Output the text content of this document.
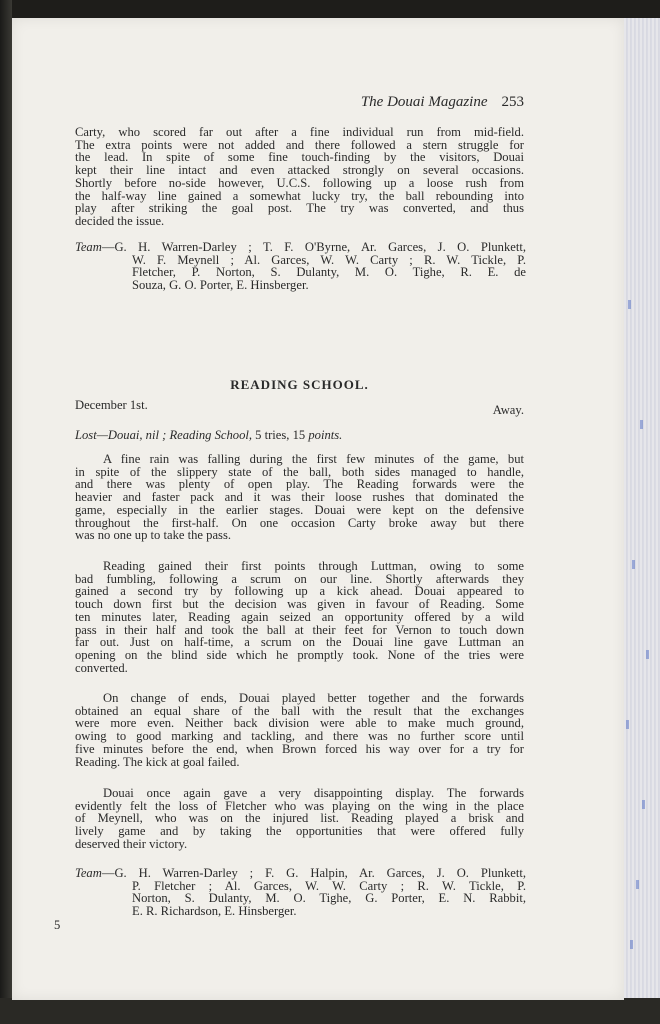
The Douai Magazine 253
Carty, who scored far out after a fine individual run from mid-field.
The extra points were not added and there followed a stern struggle for
the lead. In spite of some fine touch-finding by the visitors, Douai
kept their line intact and even attacked strongly on several occasions.
Shortly before no-side however, U.C.S. following up a loose rush from
the half-way line gained a somewhat lucky try, the ball rebounding into
play after striking the goal post. The try was converted, and thus
decided the issue.
Team—G. H. Warren-Darley ; T. F. O'Byrne, Ar. Garces, J. O. Plunkett,
W. F. Meynell ; Al. Garces, W. W. Carty ; R. W. Tickle, P.
Fletcher, P. Norton, S. Dulanty, M. O. Tighe, R. E. de
Souza, G. O. Porter, E. Hinsberger.
READING SCHOOL.
December 1st.	Away.
Lost—Douai, nil ; Reading School, 5 tries, 15 points.
A fine rain was falling during the first few minutes of the game, but
in spite of the slippery state of the ball, both sides managed to handle,
and there was plenty of open play. The Reading forwards were the
heavier and faster pack and it was their loose rushes that dominated the
game, especially in the earlier stages. Douai were kept on the defensive
throughout the first-half. On one occasion Carty broke away but there
was no one up to take the pass.
Reading gained their first points through Luttman, owing to some
bad fumbling, following a scrum on our line. Shortly afterwards they
gained a second try by following up a kick ahead. Douai appeared to
touch down first but the decision was given in favour of Reading. Some
ten minutes later, Reading again seized an opportunity offered by a wild
pass in their half and took the ball at their feet for Vernon to touch down
far out. Just on half-time, a scrum on the Douai line gave Luttman an
opening on the blind side which he promptly took. None of the tries were
converted.
On change of ends, Douai played better together and the forwards
obtained an equal share of the ball with the result that the exchanges
were more even. Neither back division were able to make much ground,
owing to good marking and tackling, and there was no further score until
five minutes before the end, when Brown forced his way over for a try for
Reading. The kick at goal failed.
Douai once again gave a very disappointing display. The forwards
evidently felt the loss of Fletcher who was playing on the wing in the place
of Meynell, who was on the injured list. Reading played a brisk and
lively game and by taking the opportunities that were offered fully
deserved their victory.
Team—G. H. Warren-Darley ; F. G. Halpin, Ar. Garces, J. O. Plunkett,
P. Fletcher ; Al. Garces, W. W. Carty ; R. W. Tickle, P.
Norton, S. Dulanty, M. O. Tighe, G. Porter, E. N. Rabbit,
E. R. Richardson, E. Hinsberger.
5
